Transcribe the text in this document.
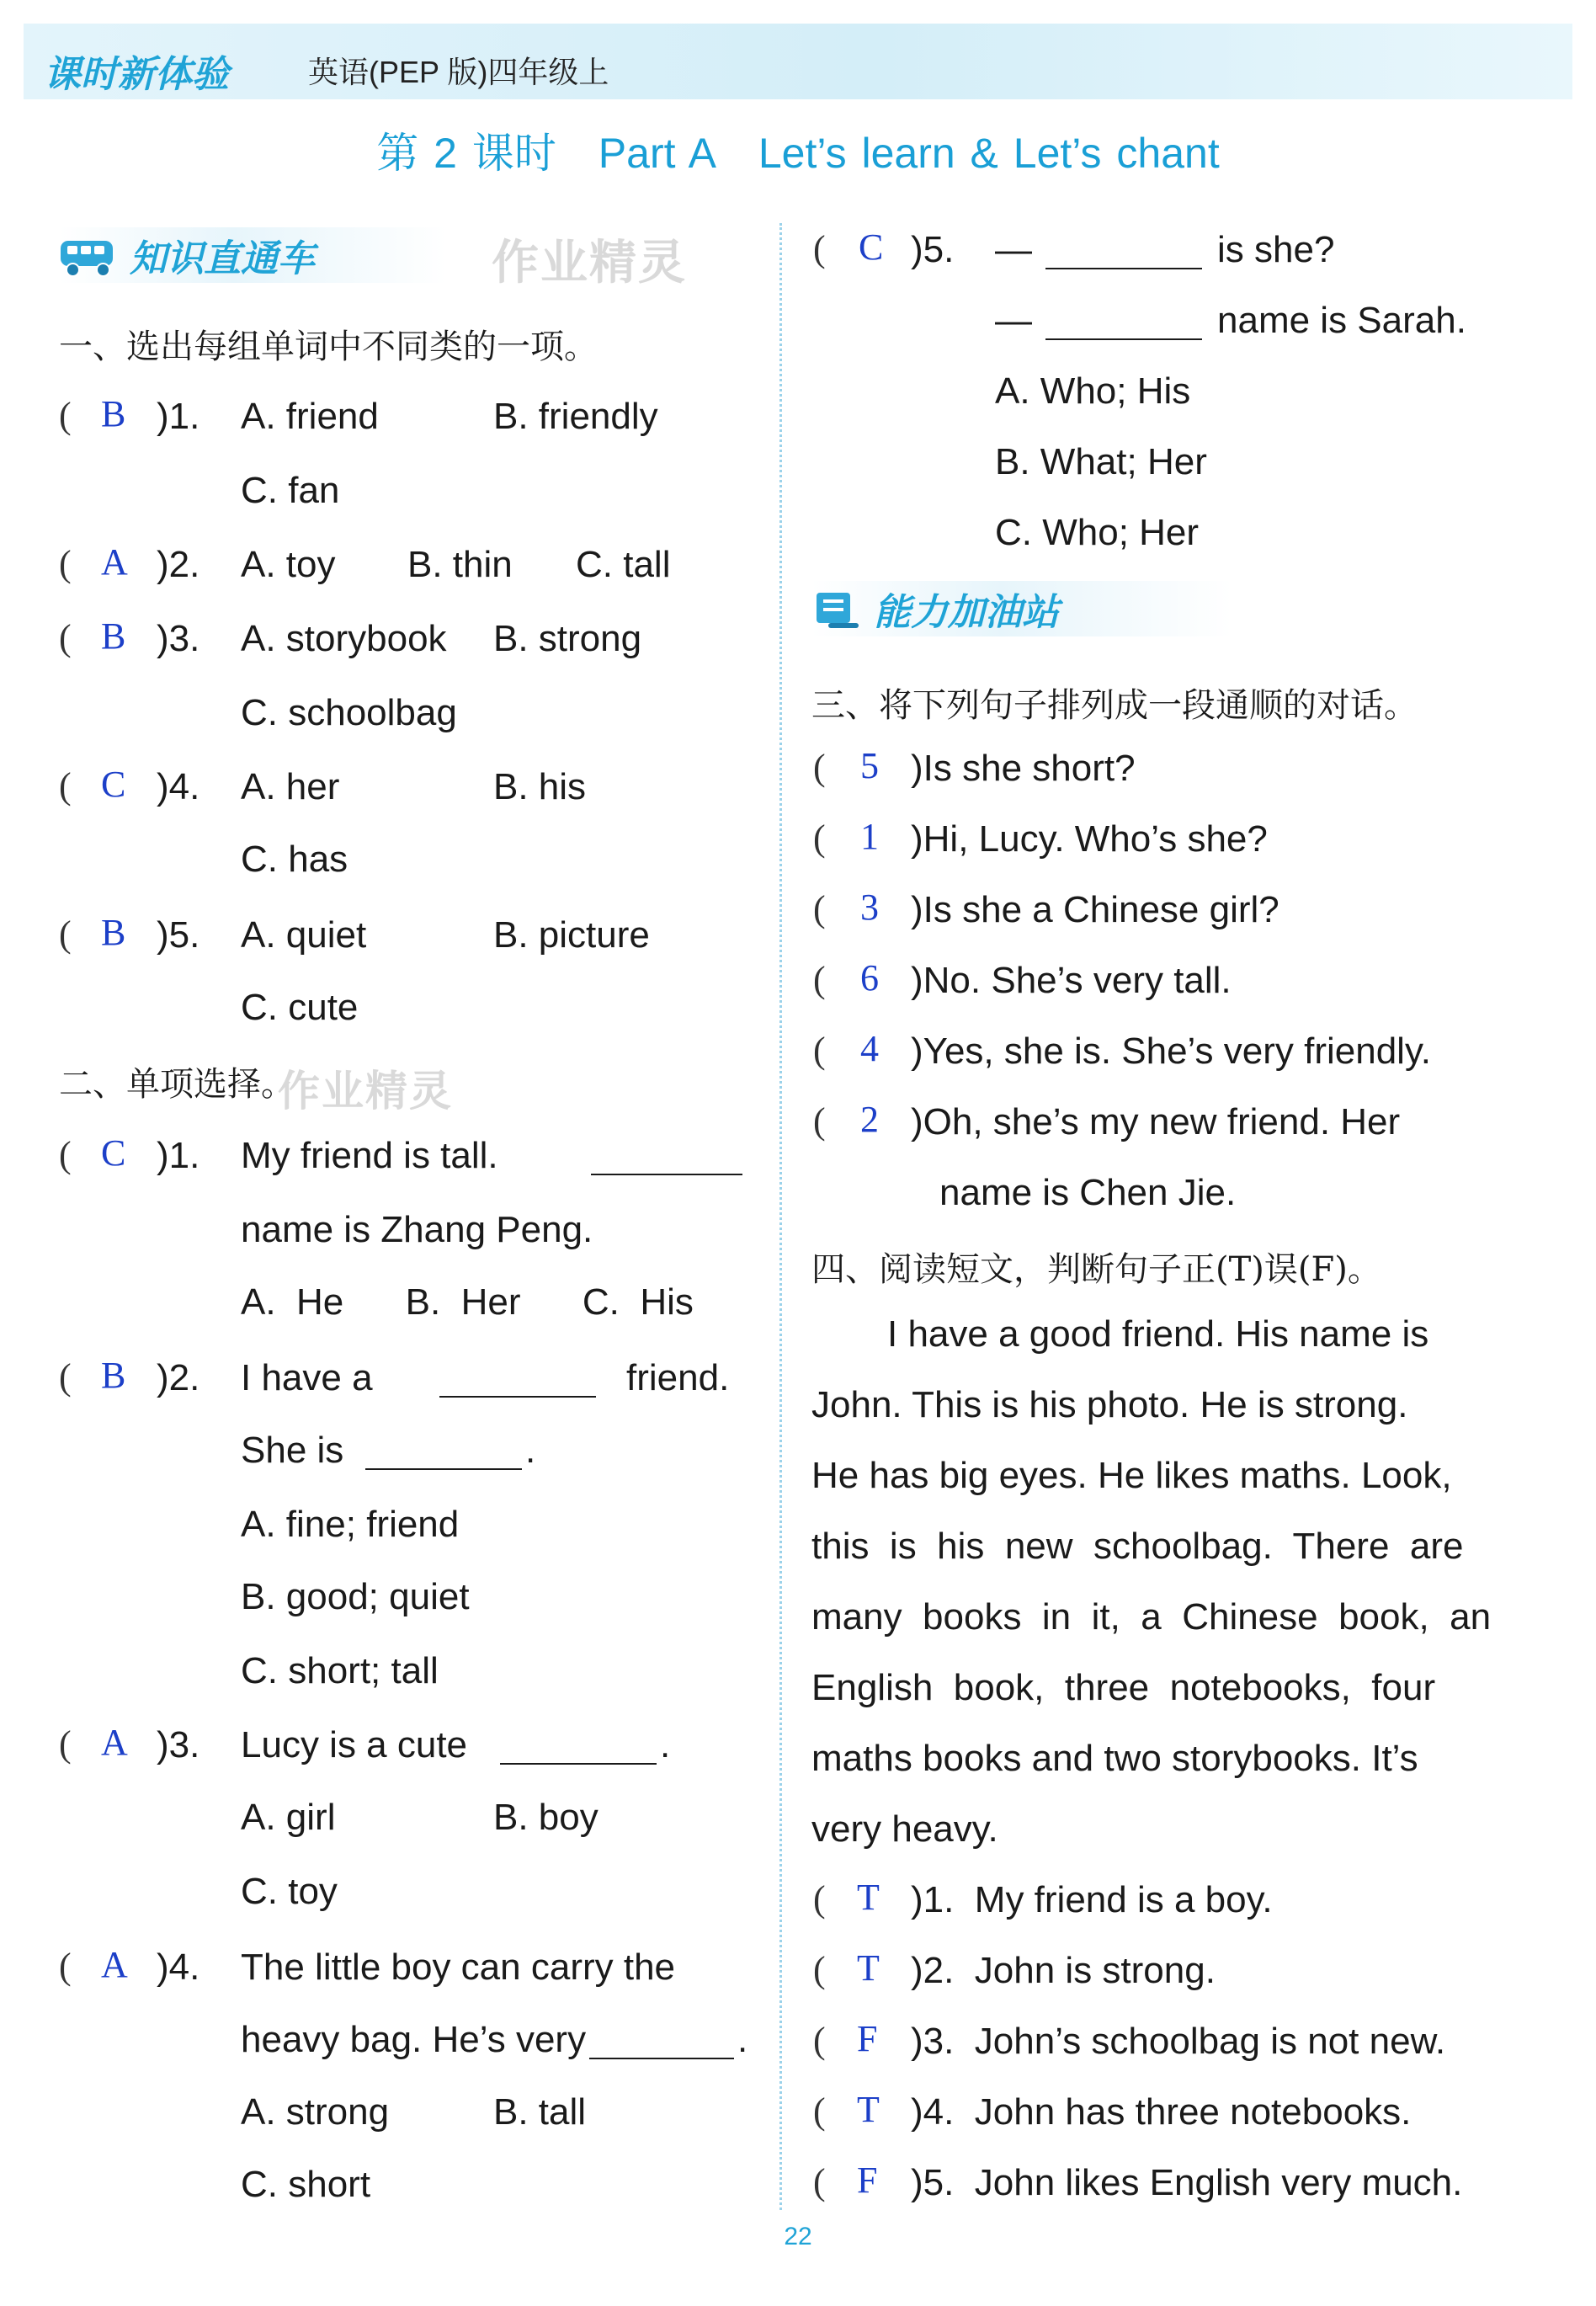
课时新体验	英语(PEP 版)四年级上
第 2 课时 Part A Let’s learn & Let’s chant
知识直通车	作业精灵
一、选出每组单词中不同类的一项。
( B )1. A. friend	B. friendly
C. fan
( A )2. A. toy B. thin C. tall
( B )3. A. storybook B. strong
C. schoolbag
( C )4. A. her	B. his
C. has
( B )5. A. quiet	B. picture
C. cute
二、单项选择。
作业精灵
( C )1. My friend is tall.
name is Zhang Peng.
A.  He      B.  Her      C.  His
( B )2. I have a	friend.
She is	.
A. fine; friend
B. good; quiet
C. short; tall
( A )3. Lucy is a cute	.
A. girl	B. boy
C. toy
( A )4. The little boy can carry the
heavy bag. He’s very	.
A. strong	B. tall
C. short
( C )5. —	is she?
—	name is Sarah.
A. Who; His
B. What; Her
C. Who; Her
能力加油站
三、将下列句子排列成一段通顺的对话。
( 5 )Is she short?
( 1 )Hi, Lucy. Who’s she?
( 3 )Is she a Chinese girl?
( 6 )No. She’s very tall.
( 4 )Yes, she is. She’s very friendly.
( 2 )Oh, she’s my new friend. Her
name is Chen Jie.
四、阅读短文，判断句子正(T)误(F)。
I have a good friend. His name is
John. This is his photo. He is strong.
He has big eyes. He likes maths. Look,
this  is  his  new  schoolbag.  There  are
many  books  in  it,  a  Chinese  book,  an
English  book,  three  notebooks,  four
maths books and two storybooks. It’s
very heavy.
( T )1.  My friend is a boy.
( T )2.  John is strong.
( F )3.  John’s schoolbag is not new.
( T )4.  John has three notebooks.
( F )5.  John likes English very much.
22
